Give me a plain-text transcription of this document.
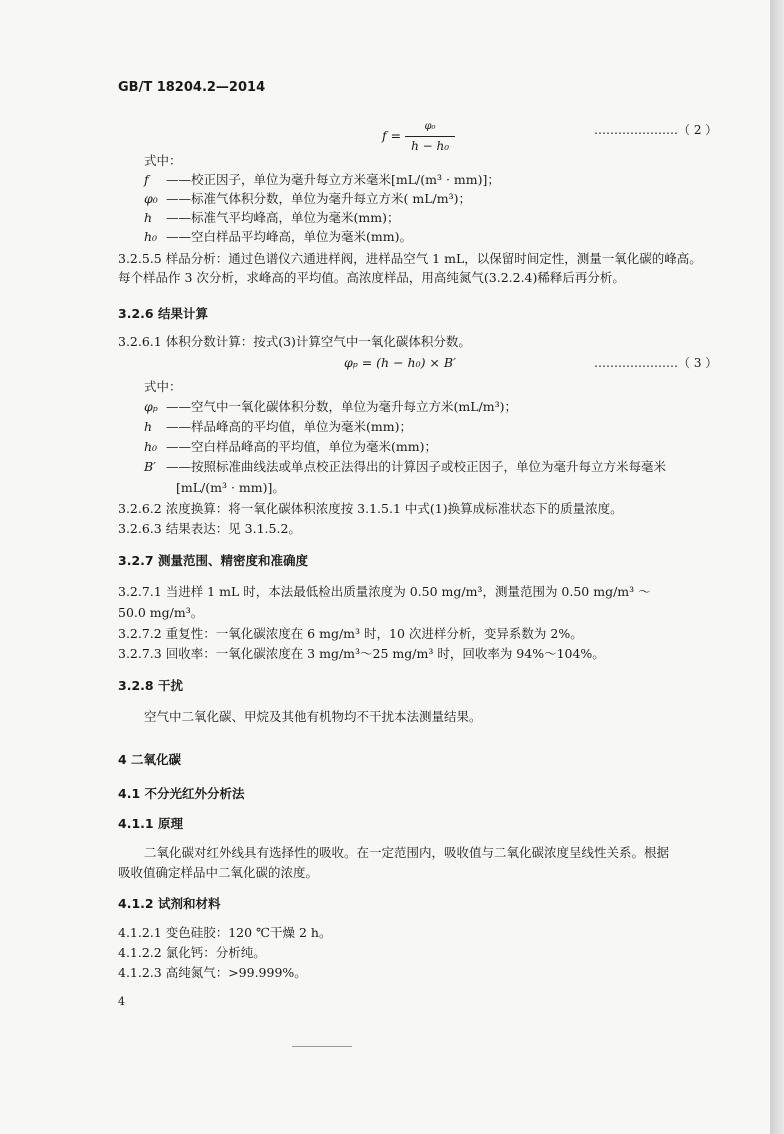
GB/T 18204.2—2014
$f = \frac{\text{φ₀}}{\text{h − h₀}}$	…………………（ 2 ）
式中：
f ——校正因子，单位为毫升每立方米毫米[mL/(m³ · mm)]；
φ₀ ——标准气体积分数，单位为毫升每立方米( mL/m³)；
h ——标准气平均峰高，单位为毫米(mm)；
h₀ ——空白样品平均峰高，单位为毫米(mm)。
3.2.5.5 样品分析：通过色谱仪六通进样阀，进样品空气 1 mL，以保留时间定性，测量一氧化碳的峰高。
每个样品作 3 次分析，求峰高的平均值。高浓度样品，用高纯氮气(3.2.2.4)稀释后再分析。
3.2.6 结果计算
3.2.6.1 体积分数计算：按式(3)计算空气中一氧化碳体积分数。
φₚ = (h − h₀) × B′	…………………（ 3 ）
式中：
φₚ ——空气中一氧化碳体积分数，单位为毫升每立方米(mL/m³)；
h ——样品峰高的平均值，单位为毫米(mm)；
h₀ ——空白样品峰高的平均值，单位为毫米(mm)；
B′ ——按照标准曲线法或单点校正法得出的计算因子或校正因子，单位为毫升每立方米每毫米
[mL/(m³ · mm)]。
3.2.6.2 浓度换算：将一氧化碳体积浓度按 3.1.5.1 中式(1)换算成标准状态下的质量浓度。
3.2.6.3 结果表达：见 3.1.5.2。
3.2.7 测量范围、精密度和准确度
3.2.7.1 当进样 1 mL 时，本法最低检出质量浓度为 0.50 mg/m³，测量范围为 0.50 mg/m³ ～
50.0 mg/m³。
3.2.7.2 重复性：一氧化碳浓度在 6 mg/m³ 时，10 次进样分析，变异系数为 2%。
3.2.7.3 回收率：一氧化碳浓度在 3 mg/m³～25 mg/m³ 时，回收率为 94%～104%。
3.2.8 干扰
空气中二氧化碳、甲烷及其他有机物均不干扰本法测量结果。
4 二氧化碳
4.1 不分光红外分析法
4.1.1 原理
二氧化碳对红外线具有选择性的吸收。在一定范围内，吸收值与二氧化碳浓度呈线性关系。根据
吸收值确定样品中二氧化碳的浓度。
4.1.2 试剂和材料
4.1.2.1 变色硅胶：120 ℃干燥 2 h。
4.1.2.2 氯化钙：分析纯。
4.1.2.3 高纯氮气：>99.999%。
4
